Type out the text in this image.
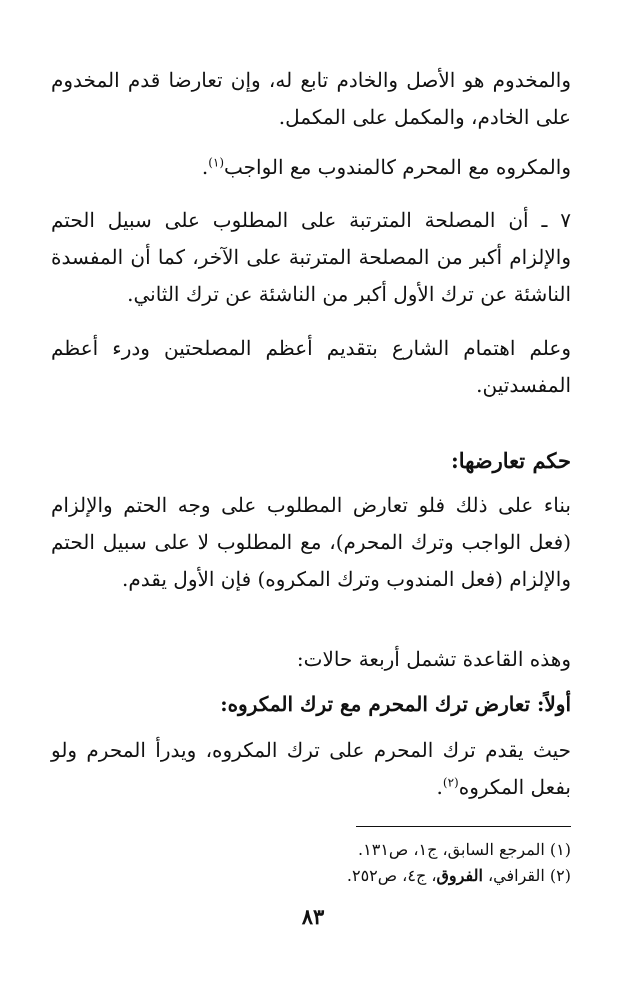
والمخدوم هو الأصل والخادم تابع له، وإن تعارضا قدم المخدوم على الخادم، والمكمل على المكمل.
والمكروه مع المحرم كالمندوب مع الواجب$^{(١)}$.
٧ ـ أن المصلحة المترتبة على المطلوب على سبيل الحتم والإلزام أكبر من المصلحة المترتبة على الآخر، كما أن المفسدة الناشئة عن ترك الأول أكبر من الناشئة عن ترك الثاني.
وعلم اهتمام الشارع بتقديم أعظم المصلحتين ودرء أعظم المفسدتين.
حكم تعارضها:
بناء على ذلك فلو تعارض المطلوب على وجه الحتم والإلزام (فعل الواجب وترك المحرم)، مع المطلوب لا على سبيل الحتم والإلزام (فعل المندوب وترك المكروه) فإن الأول يقدم.
وهذه القاعدة تشمل أربعة حالات:
أولاً: تعارض ترك المحرم مع ترك المكروه:
حيث يقدم ترك المحرم على ترك المكروه، ويدرأ المحرم ولو بفعل المكروه$^{(٢)}$.
(١) المرجع السابق، ج١، ص١٣١.
(٢) القرافي، الفروق، ج٤، ص٢٥٢.
٨٣
